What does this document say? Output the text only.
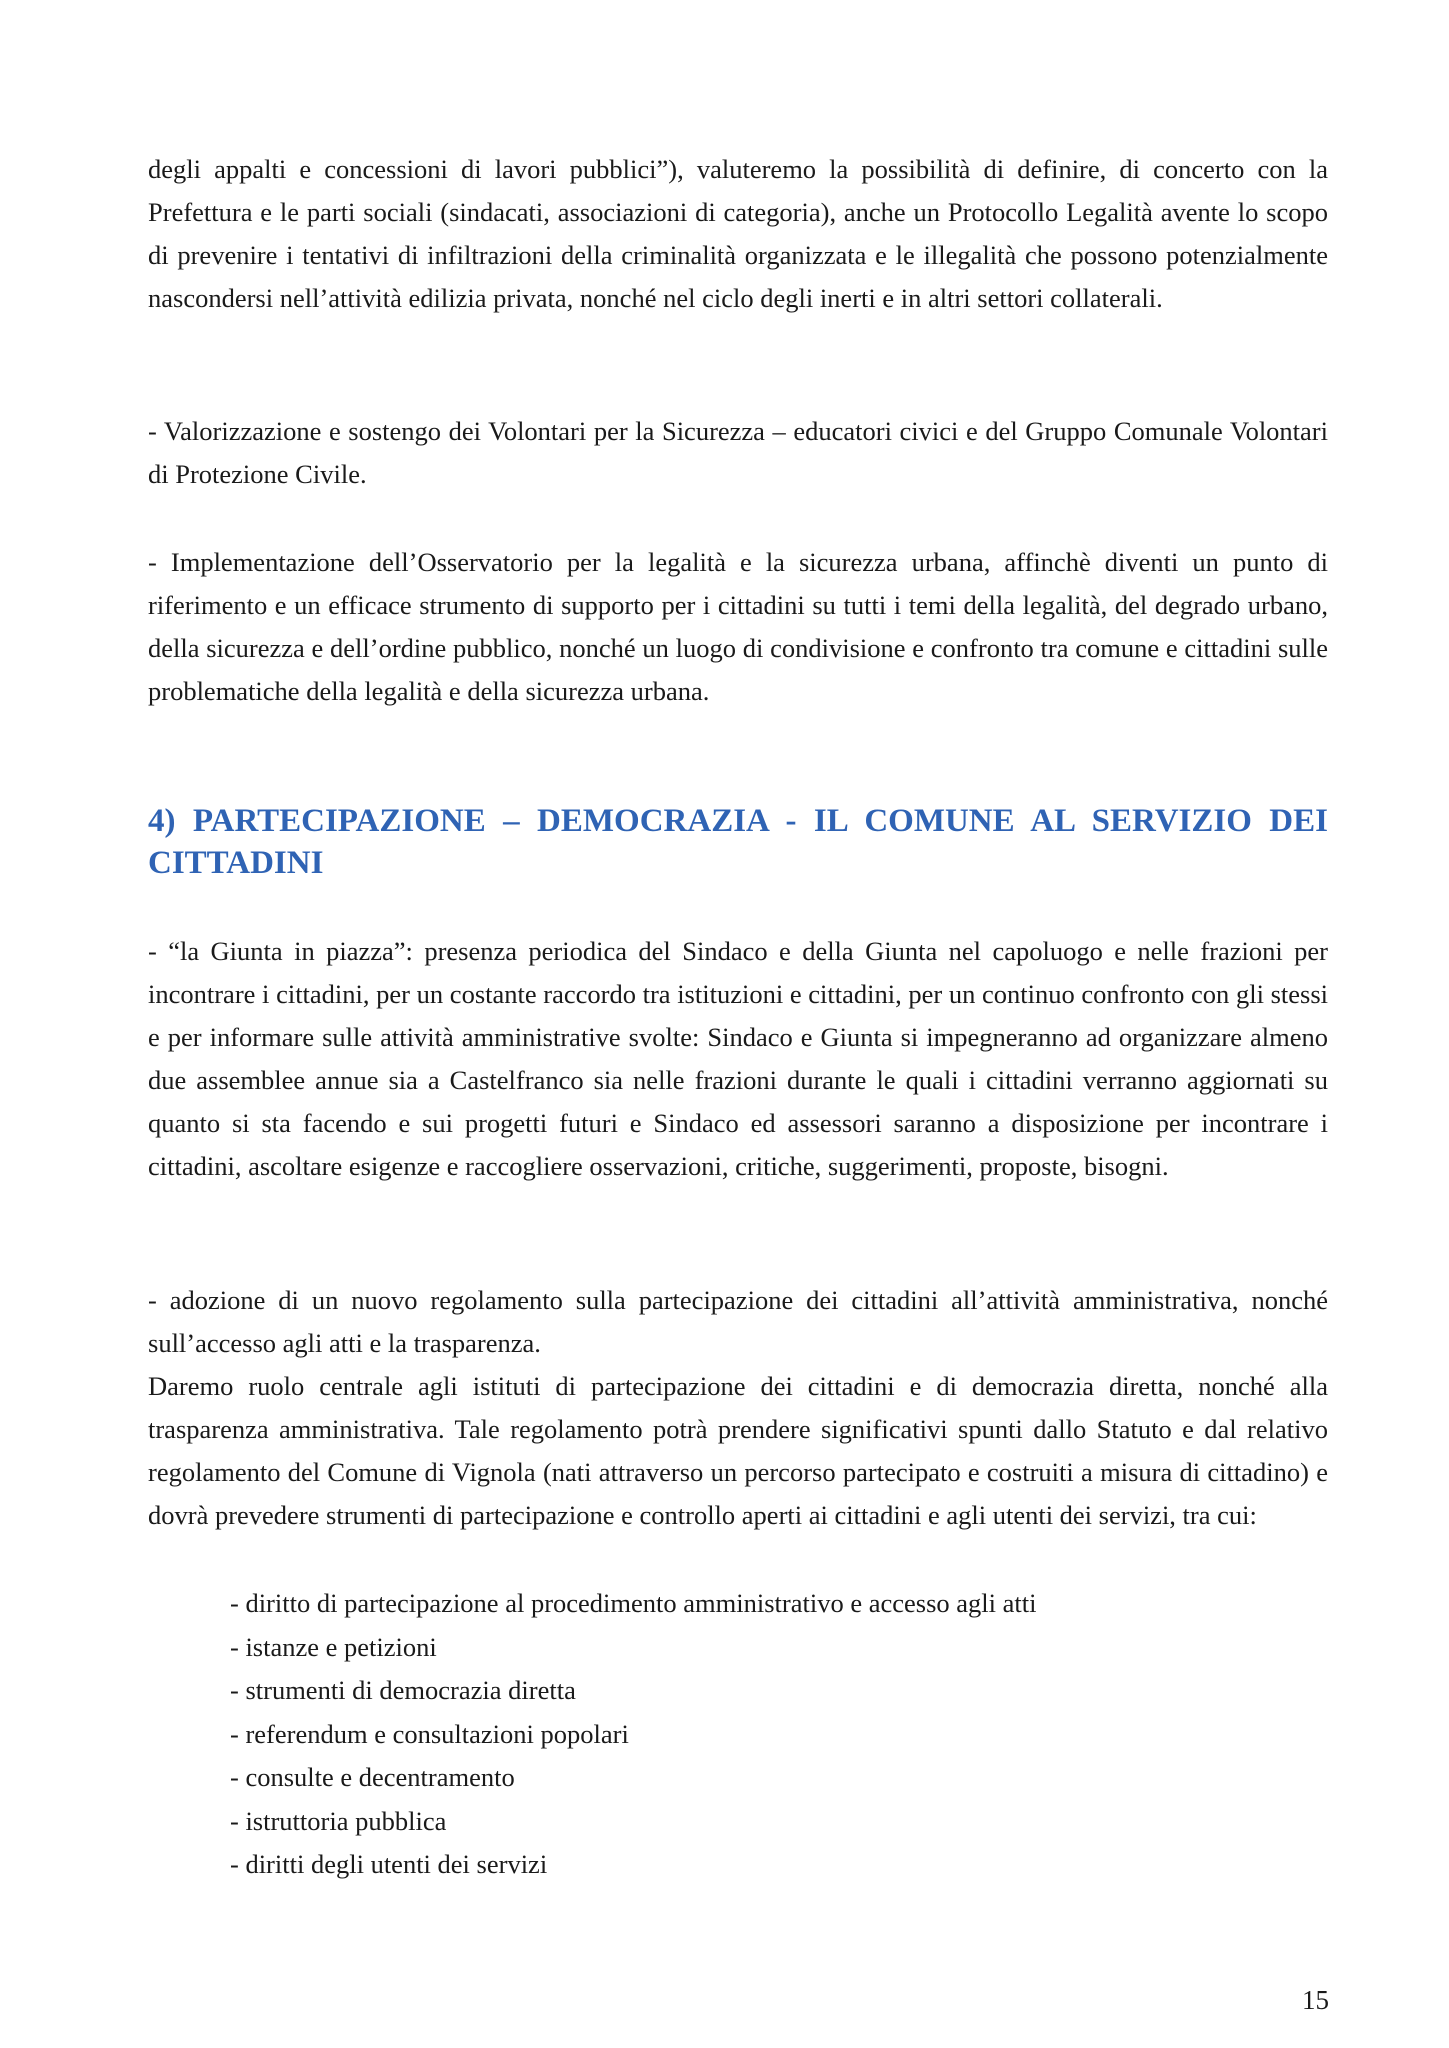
degli appalti e concessioni di lavori pubblici”), valuteremo la possibilità di definire, di concerto con la Prefettura e le parti sociali (sindacati, associazioni di categoria), anche un Protocollo Legalità avente lo scopo di prevenire i tentativi di infiltrazioni della criminalità organizzata e le illegalità che possono potenzialmente nascondersi nell’attività edilizia privata, nonché nel ciclo degli inerti e in altri settori collaterali.
- Valorizzazione e sostengo dei Volontari per la Sicurezza – educatori civici e del Gruppo Comunale Volontari di Protezione Civile.
- Implementazione dell’Osservatorio per la legalità e la sicurezza urbana, affinchè diventi un punto di riferimento e un efficace strumento di supporto per i cittadini su tutti i temi della legalità, del degrado urbano, della sicurezza e dell’ordine pubblico, nonché un luogo di condivisione e confronto tra comune e cittadini sulle problematiche della legalità e della sicurezza urbana.
4) PARTECIPAZIONE – DEMOCRAZIA - IL COMUNE AL SERVIZIO DEI CITTADINI
- “la Giunta in piazza”: presenza periodica del Sindaco e della Giunta nel capoluogo e nelle frazioni per incontrare i cittadini, per un costante raccordo tra istituzioni e cittadini, per un continuo confronto con gli stessi e per informare sulle attività amministrative svolte: Sindaco e Giunta si impegneranno ad organizzare almeno due assemblee annue sia a Castelfranco sia nelle frazioni durante le quali i cittadini verranno aggiornati su quanto si sta facendo e sui progetti futuri e Sindaco ed assessori saranno a disposizione per incontrare i cittadini, ascoltare esigenze e raccogliere osservazioni, critiche, suggerimenti, proposte, bisogni.
- adozione di un nuovo regolamento sulla partecipazione dei cittadini all’attività amministrativa, nonché sull’accesso agli atti e la trasparenza.
Daremo ruolo centrale agli istituti di partecipazione dei cittadini e di democrazia diretta, nonché alla trasparenza amministrativa. Tale regolamento potrà prendere significativi spunti dallo Statuto e dal relativo regolamento del Comune di Vignola (nati attraverso un percorso partecipato e costruiti a misura di cittadino) e dovrà prevedere strumenti di partecipazione e controllo aperti ai cittadini e agli utenti dei servizi, tra cui:
- diritto di partecipazione al procedimento amministrativo e accesso agli atti
- istanze e petizioni
- strumenti di democrazia diretta
- referendum e consultazioni popolari
- consulte e decentramento
- istruttoria pubblica
- diritti degli utenti dei servizi
15
